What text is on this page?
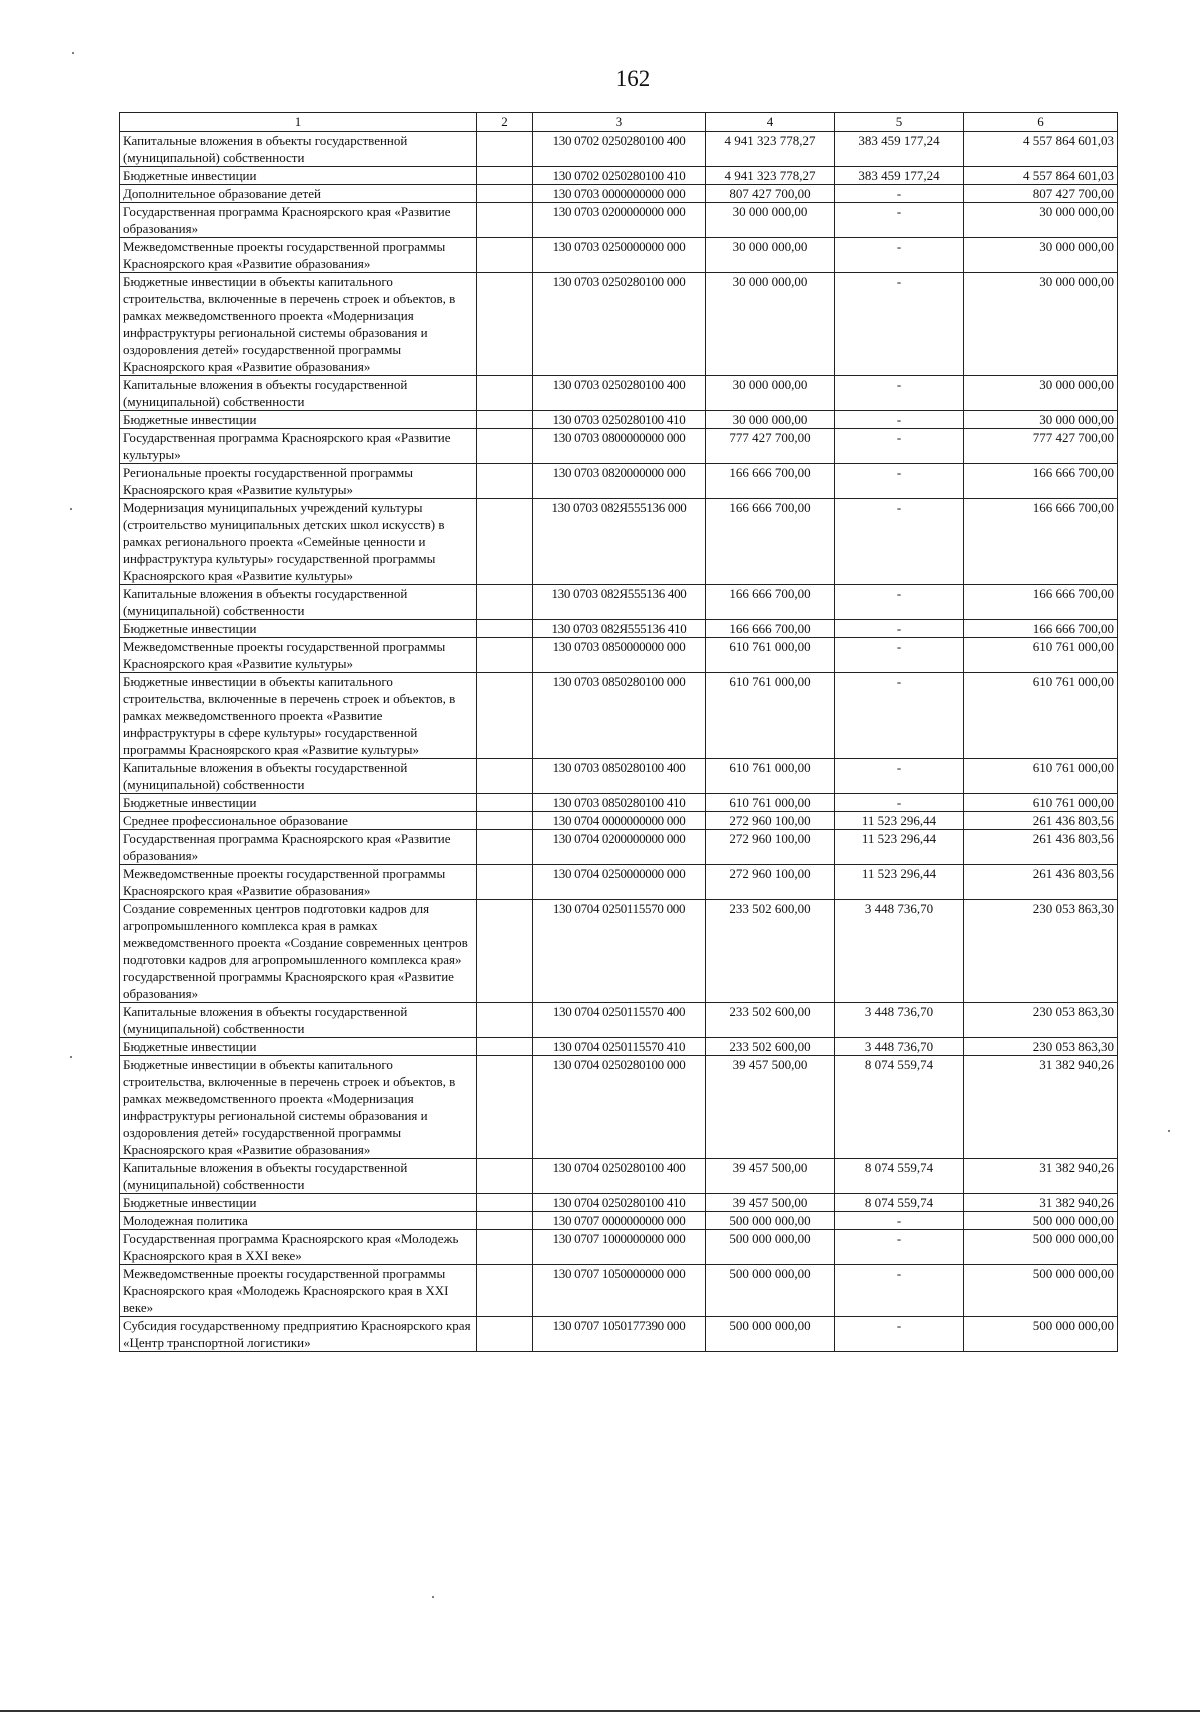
162
1	2	3	4	5	6
Капитальные вложения в объекты государственной (муниципальной) собственности		130 0702 0250280100 400	4 941 323 778,27	383 459 177,24	4 557 864 601,03
Бюджетные инвестиции		130 0702 0250280100 410	4 941 323 778,27	383 459 177,24	4 557 864 601,03
Дополнительное образование детей		130 0703 0000000000 000	807 427 700,00	-	807 427 700,00
Государственная программа Красноярского края «Развитие образования»		130 0703 0200000000 000	30 000 000,00	-	30 000 000,00
Межведомственные проекты государственной программы Красноярского края «Развитие образования»		130 0703 0250000000 000	30 000 000,00	-	30 000 000,00
Бюджетные инвестиции в объекты капитального строительства, включенные в перечень строек и объектов, в рамках межведомственного проекта «Модернизация инфраструктуры региональной системы образования и оздоровления детей» государственной программы Красноярского края «Развитие образования»		130 0703 0250280100 000	30 000 000,00	-	30 000 000,00
Капитальные вложения в объекты государственной (муниципальной) собственности		130 0703 0250280100 400	30 000 000,00	-	30 000 000,00
Бюджетные инвестиции		130 0703 0250280100 410	30 000 000,00	-	30 000 000,00
Государственная программа Красноярского края «Развитие культуры»		130 0703 0800000000 000	777 427 700,00	-	777 427 700,00
Региональные проекты государственной программы Красноярского края «Развитие культуры»		130 0703 0820000000 000	166 666 700,00	-	166 666 700,00
Модернизация муниципальных учреждений культуры (строительство муниципальных детских школ искусств) в рамках регионального проекта «Семейные ценности и инфраструктура культуры» государственной программы Красноярского края «Развитие культуры»		130 0703 082Я555136 000	166 666 700,00	-	166 666 700,00
Капитальные вложения в объекты государственной (муниципальной) собственности		130 0703 082Я555136 400	166 666 700,00	-	166 666 700,00
Бюджетные инвестиции		130 0703 082Я555136 410	166 666 700,00	-	166 666 700,00
Межведомственные проекты государственной программы Красноярского края «Развитие культуры»		130 0703 0850000000 000	610 761 000,00	-	610 761 000,00
Бюджетные инвестиции в объекты капитального строительства, включенные в перечень строек и объектов, в рамках межведомственного проекта «Развитие инфраструктуры в сфере культуры» государственной программы Красноярского края «Развитие культуры»		130 0703 0850280100 000	610 761 000,00	-	610 761 000,00
Капитальные вложения в объекты государственной (муниципальной) собственности		130 0703 0850280100 400	610 761 000,00	-	610 761 000,00
Бюджетные инвестиции		130 0703 0850280100 410	610 761 000,00	-	610 761 000,00
Среднее профессиональное образование		130 0704 0000000000 000	272 960 100,00	11 523 296,44	261 436 803,56
Государственная программа Красноярского края «Развитие образования»		130 0704 0200000000 000	272 960 100,00	11 523 296,44	261 436 803,56
Межведомственные проекты государственной программы Красноярского края «Развитие образования»		130 0704 0250000000 000	272 960 100,00	11 523 296,44	261 436 803,56
Создание современных центров подготовки кадров для агропромышленного комплекса края в рамках межведомственного проекта «Создание современных центров подготовки кадров для агропромышленного комплекса края» государственной программы Красноярского края «Развитие образования»		130 0704 0250115570 000	233 502 600,00	3 448 736,70	230 053 863,30
Капитальные вложения в объекты государственной (муниципальной) собственности		130 0704 0250115570 400	233 502 600,00	3 448 736,70	230 053 863,30
Бюджетные инвестиции		130 0704 0250115570 410	233 502 600,00	3 448 736,70	230 053 863,30
Бюджетные инвестиции в объекты капитального строительства, включенные в перечень строек и объектов, в рамках межведомственного проекта «Модернизация инфраструктуры региональной системы образования и оздоровления детей» государственной программы Красноярского края «Развитие образования»		130 0704 0250280100 000	39 457 500,00	8 074 559,74	31 382 940,26
Капитальные вложения в объекты государственной (муниципальной) собственности		130 0704 0250280100 400	39 457 500,00	8 074 559,74	31 382 940,26
Бюджетные инвестиции		130 0704 0250280100 410	39 457 500,00	8 074 559,74	31 382 940,26
Молодежная политика		130 0707 0000000000 000	500 000 000,00	-	500 000 000,00
Государственная программа Красноярского края «Молодежь Красноярского края в XXI веке»		130 0707 1000000000 000	500 000 000,00	-	500 000 000,00
Межведомственные проекты государственной программы Красноярского края «Молодежь Красноярского края в XXI веке»		130 0707 1050000000 000	500 000 000,00	-	500 000 000,00
Субсидия государственному предприятию Красноярского края «Центр транспортной логистики»		130 0707 1050177390 000	500 000 000,00	-	500 000 000,00
